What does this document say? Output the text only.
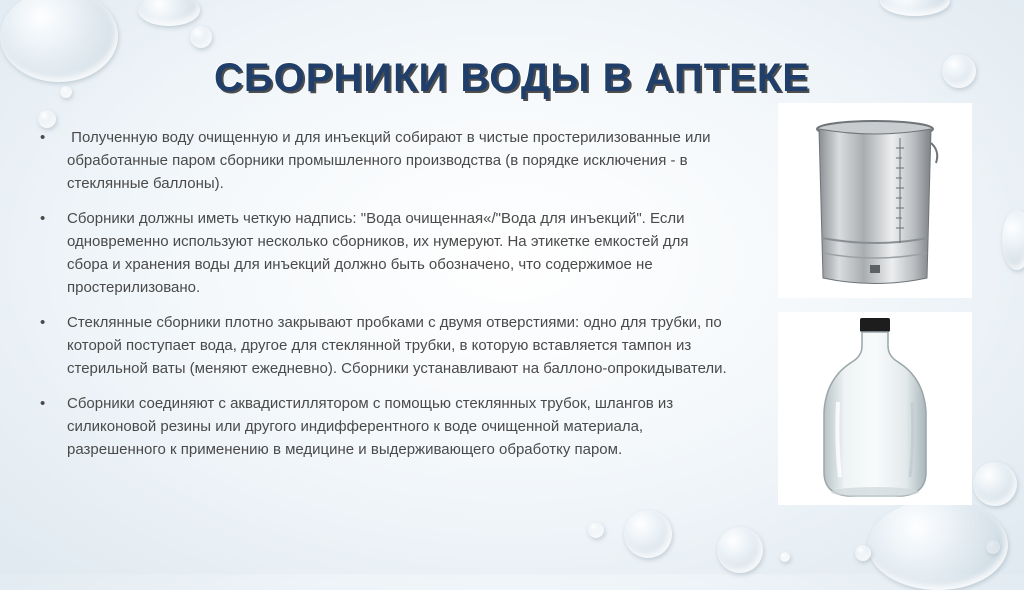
СБОРНИКИ ВОДЫ В АПТЕКЕ
•	Полученную воду очищенную и для инъекций собирают в чистые простерилизованные или обработанные паром сборники промышленного производства (в порядке исключения - в стеклянные баллоны).
•	Сборники должны иметь четкую надпись: "Вода очищенная«/"Вода для инъекций". Если одновременно используют несколько сборников, их нумеруют. На этикетке емкостей для сбора и хранения воды для инъекций должно быть обозначено, что содержимое не простерилизовано.
•	Стеклянные сборники плотно закрывают пробками с двумя отверстиями: одно для трубки, по которой поступает вода, другое для стеклянной трубки, в которую вставляется тампон из стерильной ваты (меняют ежедневно). Сборники устанавливают на баллоно-опрокидыватели.
•	Сборники соединяют с аквадистиллятором с помощью стеклянных трубок, шлангов из силиконовой резины или другого индифферентного к воде очищенной материала, разрешенного к применению в медицине и выдерживающего обработку паром.
